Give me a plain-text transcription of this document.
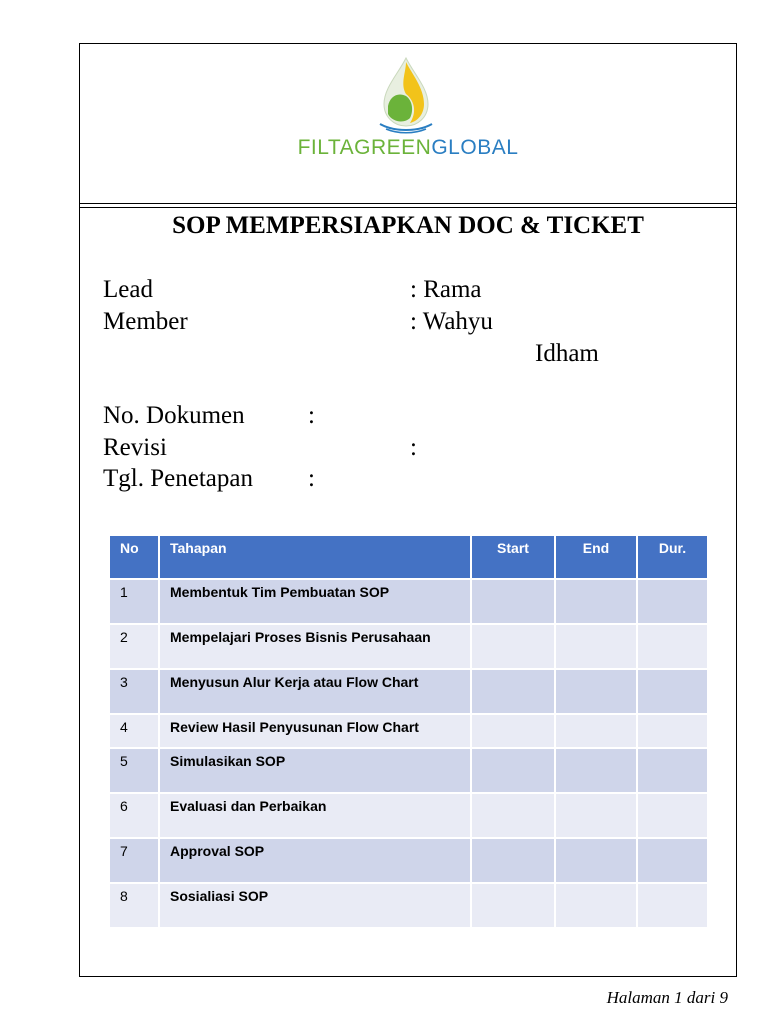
FILTAGREENGLOBAL
SOP MEMPERSIAPKAN DOC & TICKET
Lead	: Rama
Member	: Wahyu
Idham
No. Dokumen	:
Revisi	:
Tgl. Penetapan :
No	Tahapan	Start	End	Dur.
1	Membentuk Tim Pembuatan SOP			
2	Mempelajari Proses Bisnis Perusahaan			
3	Menyusun Alur Kerja atau Flow Chart			
4	Review Hasil Penyusunan Flow Chart			
5	Simulasikan SOP			
6	Evaluasi dan Perbaikan			
7	Approval SOP			
8	Sosialiasi SOP			
Halaman 1 dari 9
